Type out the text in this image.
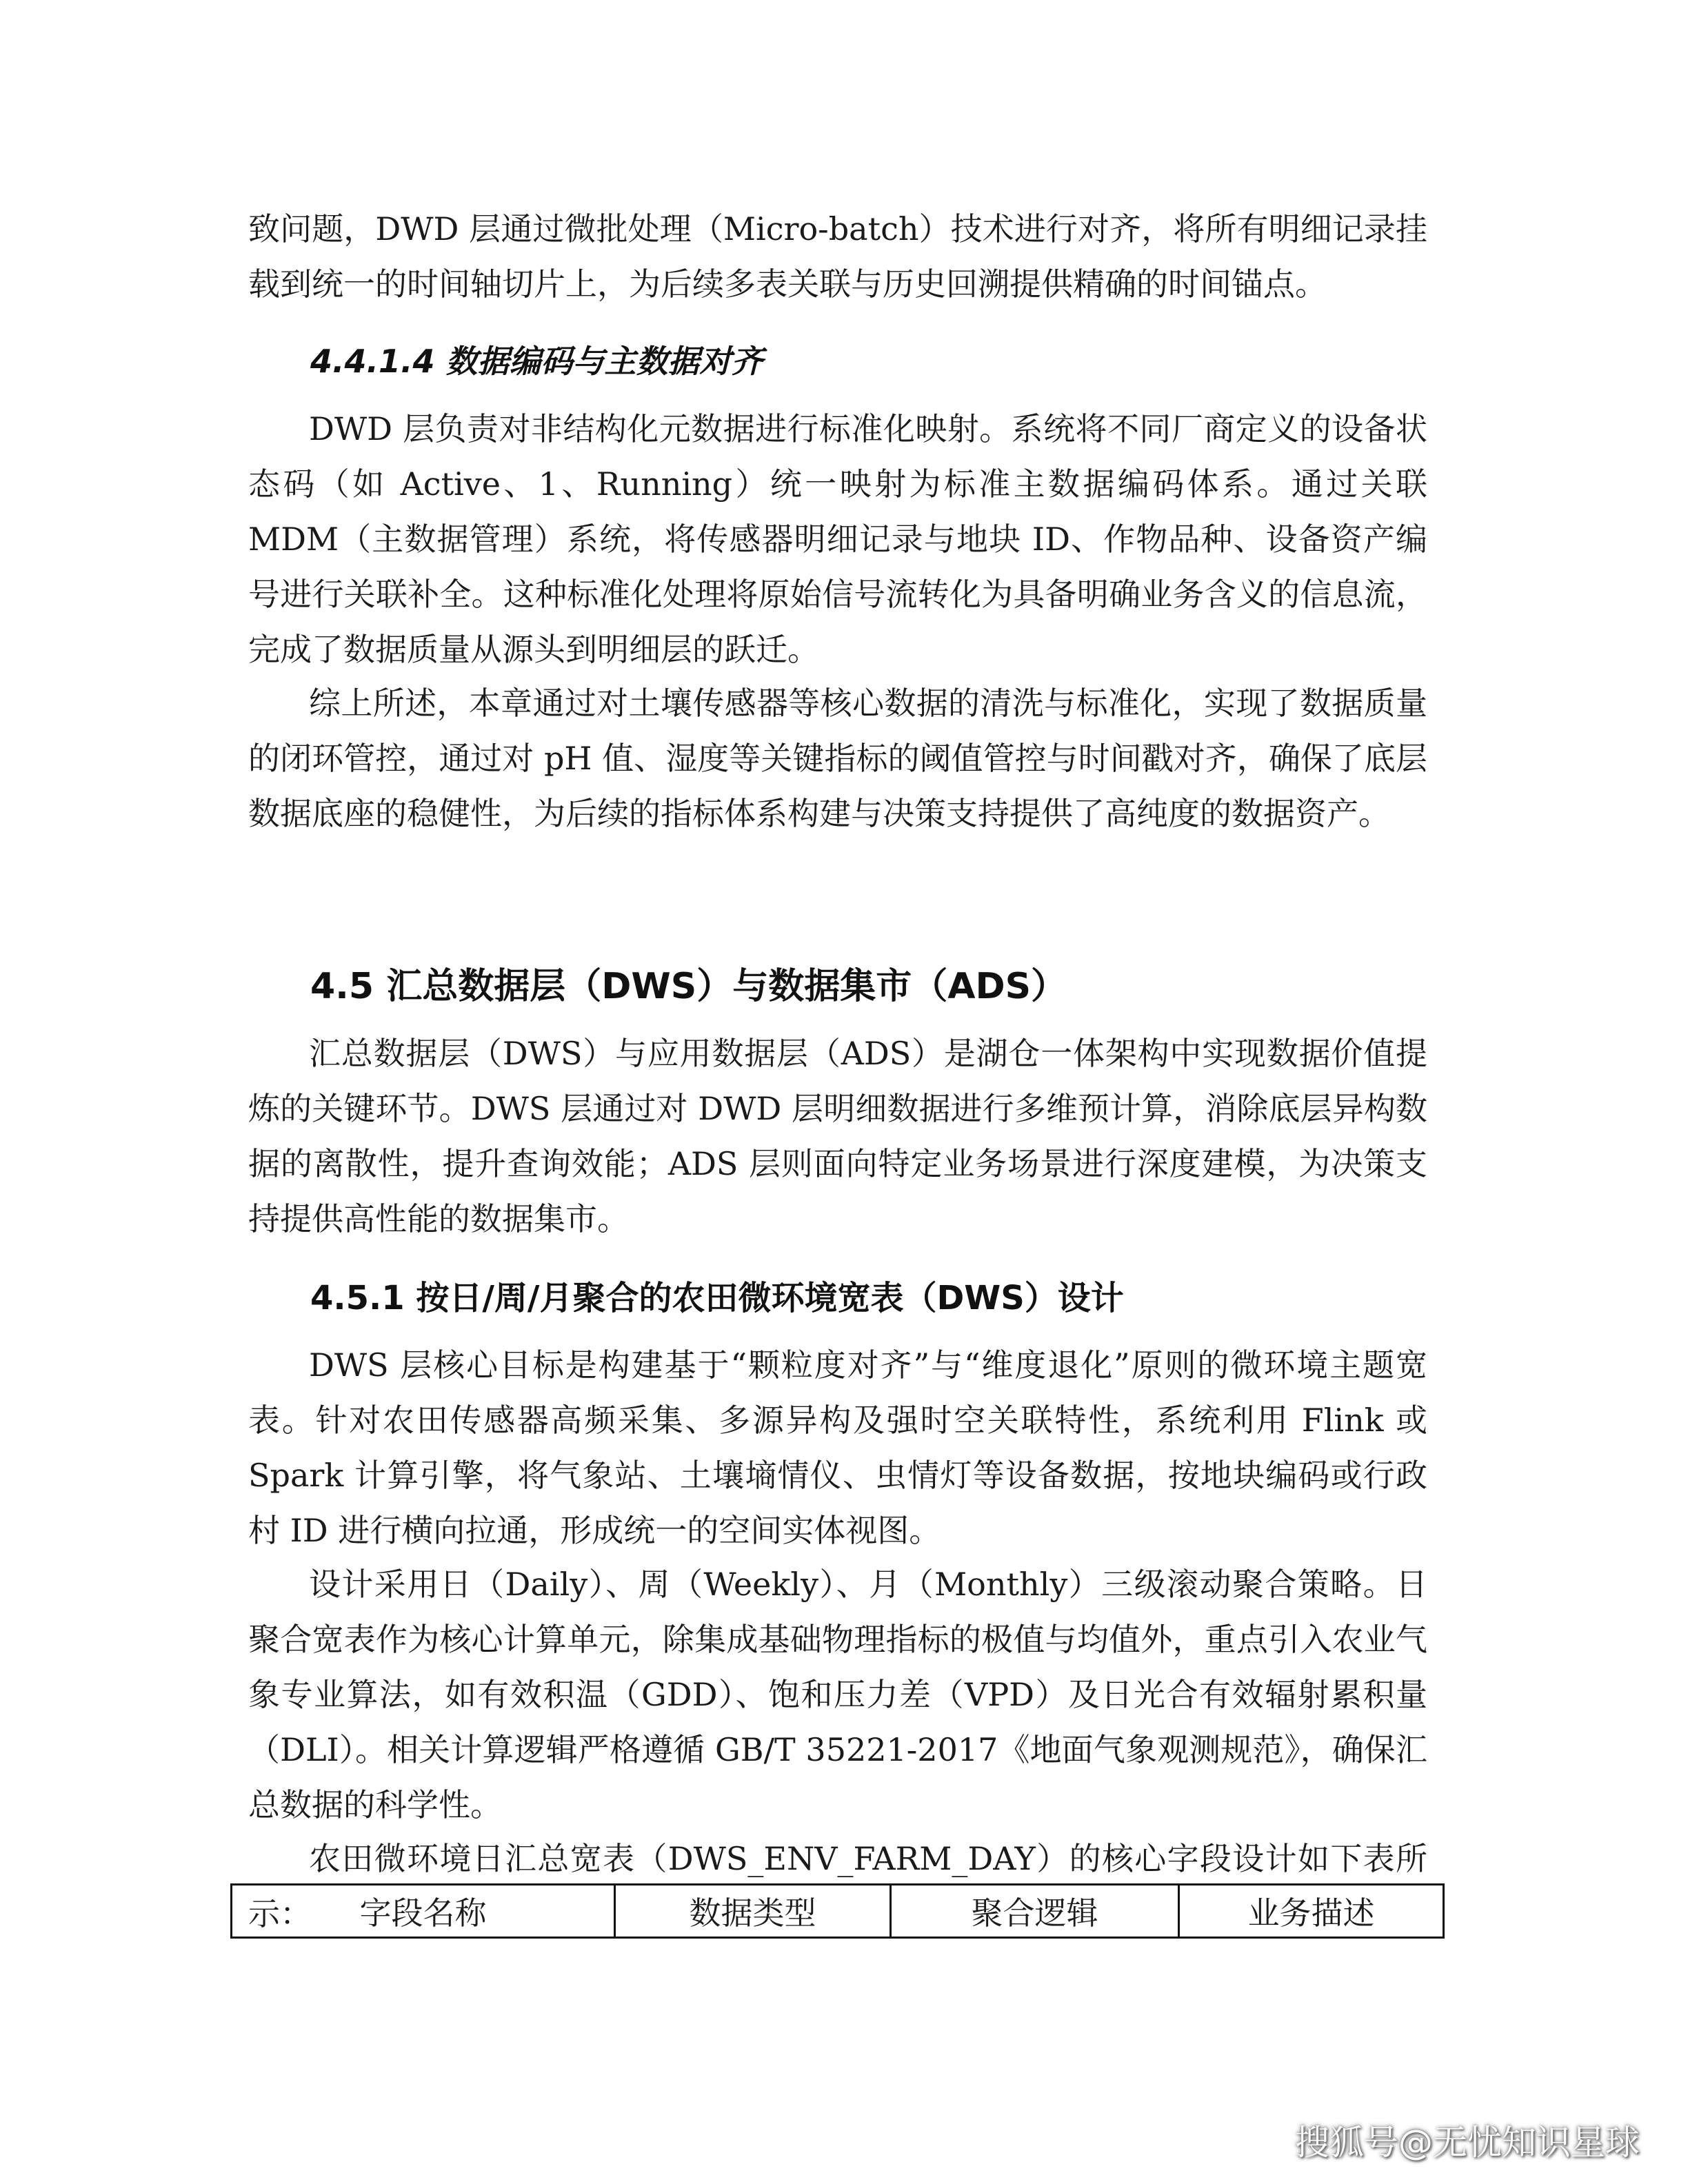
致问题，DWD 层通过微批处理（Micro-batch）技术进行对齐，将所有明细记录挂载到统一的时间轴切片上，为后续多表关联与历史回溯提供精确的时间锚点。

4.4.1.4 数据编码与主数据对齐

DWD 层负责对非结构化元数据进行标准化映射。系统将不同厂商定义的设备状态码（如 Active、1、Running）统一映射为标准主数据编码体系。通过关联 MDM（主数据管理）系统，将传感器明细记录与地块 ID、作物品种、设备资产编号进行关联补全。这种标准化处理将原始信号流转化为具备明确业务含义的信息流，完成了数据质量从源头到明细层的跃迁。

综上所述，本章通过对土壤传感器等核心数据的清洗与标准化，实现了数据质量的闭环管控，通过对 pH 值、湿度等关键指标的阈值管控与时间戳对齐，确保了底层数据底座的稳健性，为后续的指标体系构建与决策支持提供了高纯度的数据资产。

4.5 汇总数据层（DWS）与数据集市（ADS）

汇总数据层（DWS）与应用数据层（ADS）是湖仓一体架构中实现数据价值提炼的关键环节。DWS 层通过对 DWD 层明细数据进行多维预计算，消除底层异构数据的离散性，提升查询效能；ADS 层则面向特定业务场景进行深度建模，为决策支持提供高性能的数据集市。

4.5.1 按日/周/月聚合的农田微环境宽表（DWS）设计

DWS 层核心目标是构建基于“颗粒度对齐”与“维度退化”原则的微环境主题宽表。针对农田传感器高频采集、多源异构及强时空关联特性，系统利用 Flink 或 Spark 计算引擎，将气象站、土壤墒情仪、虫情灯等设备数据，按地块编码或行政村 ID 进行横向拉通，形成统一的空间实体视图。

设计采用日（Daily）、周（Weekly）、月（Monthly）三级滚动聚合策略。日聚合宽表作为核心计算单元，除集成基础物理指标的极值与均值外，重点引入农业气象专业算法，如有效积温（GDD）、饱和压力差（VPD）及日光合有效辐射累积量（DLI）。相关计算逻辑严格遵循 GB/T 35221-2017《地面气象观测规范》，确保汇总数据的科学性。

农田微环境日汇总宽表（DWS_ENV_FARM_DAY）的核心字段设计如下表所示：	字段名称	数据类型	聚合逻辑	业务描述
搜狐号@无忧知识星球
